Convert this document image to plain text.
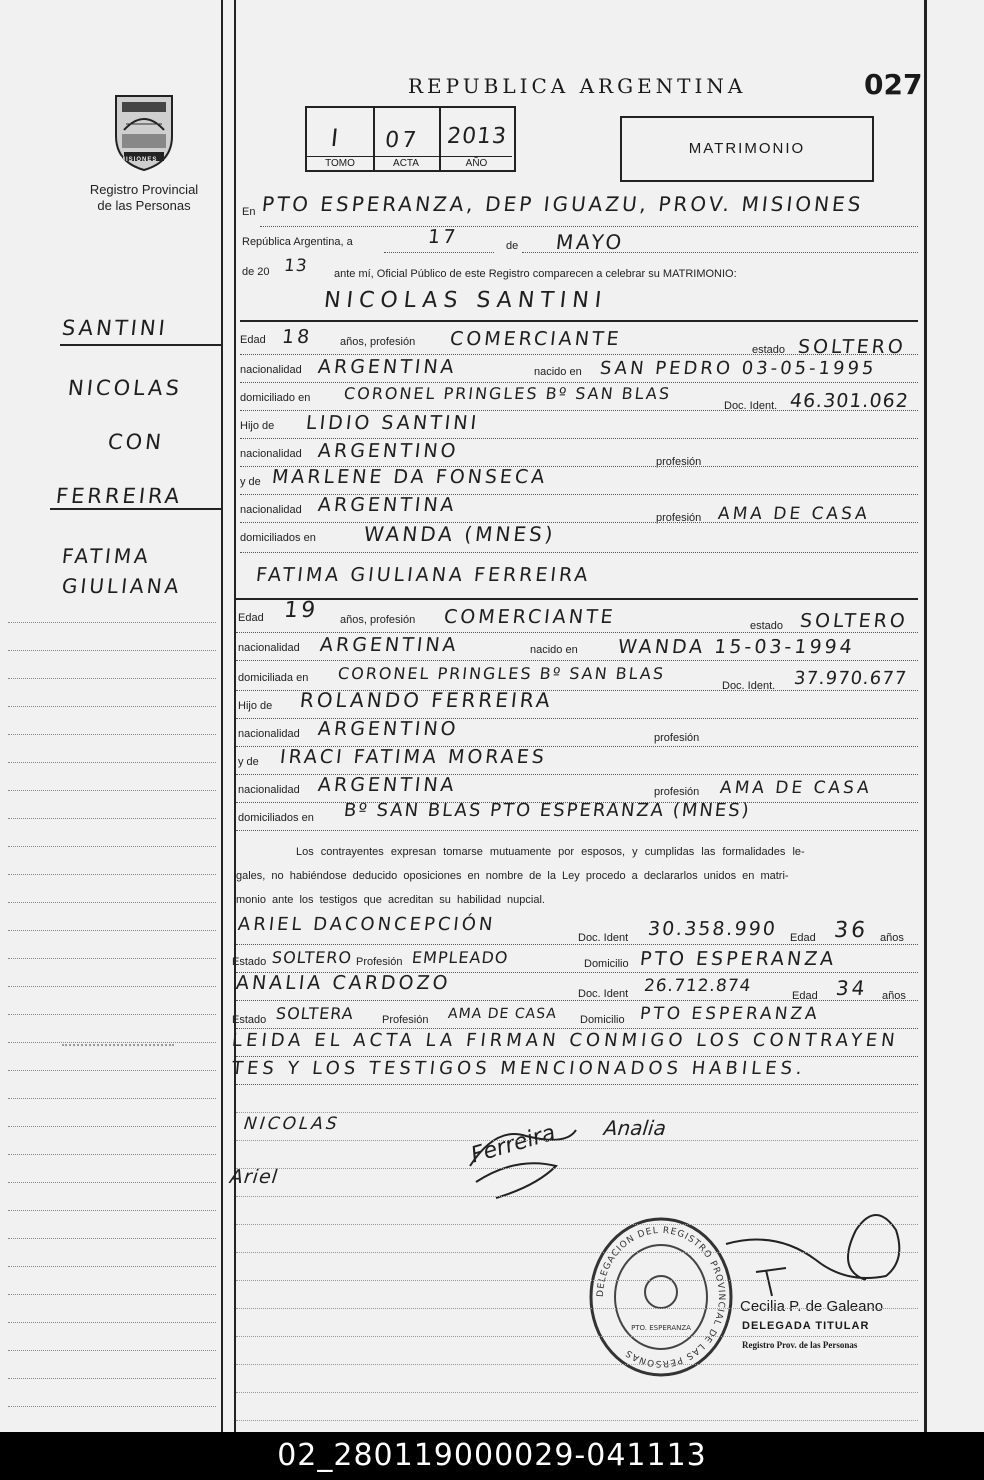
MISIONES
Registro Provincial
de las Personas
REPUBLICA ARGENTINA	027
I
TOMO
07
ACTA
2013
AÑO
MATRIMONIO
SANTINI
NICOLAS
CON
FERREIRA
FATIMA
GIULIANA
En PTO ESPERANZA, DEP IGUAZU, PROV. MISIONES
República Argentina, a	17	de MAYO
de 20 13 ante mí, Oficial Público de este Registro comparecen a celebrar su MATRIMONIO:
NICOLAS SANTINI
Edad 18 años, profesión COMERCIANTE	estado SOLTERO
nacionalidad ARGENTINA	nacido en SAN PEDRO 03-05-1995
domiciliado en CORONEL PRINGLES Bº SAN BLAS
Doc. Ident. 46.301.062
Hijo de LIDIO SANTINI
nacionalidad ARGENTINO	profesión
y de MARLENE DA FONSECA
nacionalidad ARGENTINA
profesión AMA DE CASA
domiciliados en WANDA (MNES)
FATIMA GIULIANA FERREIRA
Edad 19 años, profesión COMERCIANTE	estado SOLTERO
nacionalidad ARGENTINA	nacido en WANDA 15-03-1994
domiciliada en CORONEL PRINGLES Bº SAN BLAS
Doc. Ident. 37.970.677
Hijo de ROLANDO FERREIRA
nacionalidad ARGENTINO	profesión
y de IRACI FATIMA MORAES
nacionalidad ARGENTINA	profesión AMA DE CASA
domiciliados en Bº SAN BLAS PTO ESPERANZA (MNES)
Los contrayentes expresan tomarse mutuamente por esposos, y cumplidas las formalidades le-
gales, no habiéndose deducido oposiciones en nombre de la Ley procedo a declararlos unidos en matri-
monio ante los testigos que acreditan su habilidad nupcial.
ARIEL DACONCEPCIÓN
Doc. Ident 30.358.990 Edad 36 años
Estado SOLTERO Profesión EMPLEADO	Domicilio PTO ESPERANZA
ANALIA CARDOZO	Doc. Ident 26.712.874	Edad 34 años
Estado SOLTERA Profesión AMA DE CASA Domicilio PTO ESPERANZA
LEIDA EL ACTA LA FIRMAN CONMIGO LOS CONTRAYEN
TES Y LOS TESTIGOS MENCIONADOS HABILES.
NICOLAS
Ariel
Analia
Ferreira
DELEGACION DEL REGISTRO PROVINCIAL DE LAS PERSONAS
PTO. ESPERANZA
Cecilia P. de Galeano
DELEGADA TITULAR
Registro Prov. de las Personas
02_280119000029-041113
